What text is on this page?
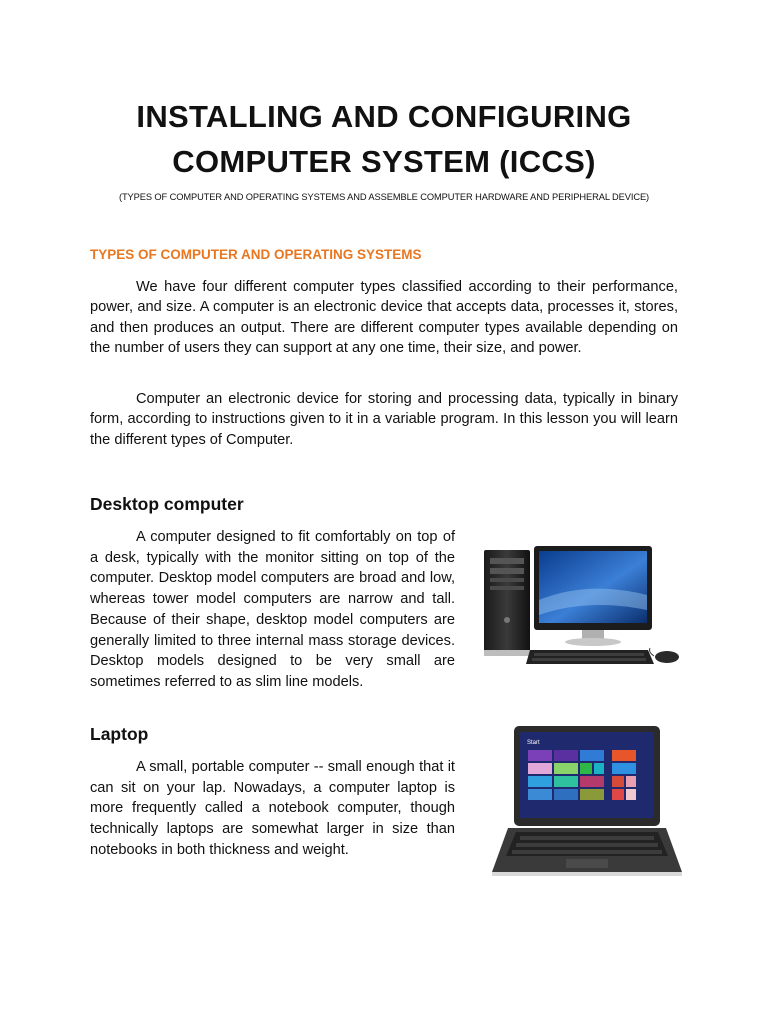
INSTALLING AND CONFIGURING COMPUTER SYSTEM (ICCS)

(TYPES OF COMPUTER AND OPERATING SYSTEMS AND ASSEMBLE COMPUTER HARDWARE AND PERIPHERAL DEVICE)

TYPES OF COMPUTER AND OPERATING SYSTEMS

We have four different computer types classified according to their performance, power, and size. A computer is an electronic device that accepts data, processes it, stores, and then produces an output. There are different computer types available depending on the number of users they can support at any one time, their size, and power.

Computer an electronic device for storing and processing data, typically in binary form, according to instructions given to it in a variable program. In this lesson you will learn the different types of Computer.

Desktop computer

A computer designed to fit comfortably on top of a desk, typically with the monitor sitting on top of the computer. Desktop model computers are broad and low, whereas tower model computers are narrow and tall. Because of their shape, desktop model computers are generally limited to three internal mass storage devices. Desktop models designed to be very small are sometimes referred to as slim line models.

Laptop

A small, portable computer -- small enough that it can sit on your lap. Nowadays, a computer laptop is more frequently called a notebook computer, though technically laptops are somewhat larger in size than notebooks in both thickness and weight.

Start
